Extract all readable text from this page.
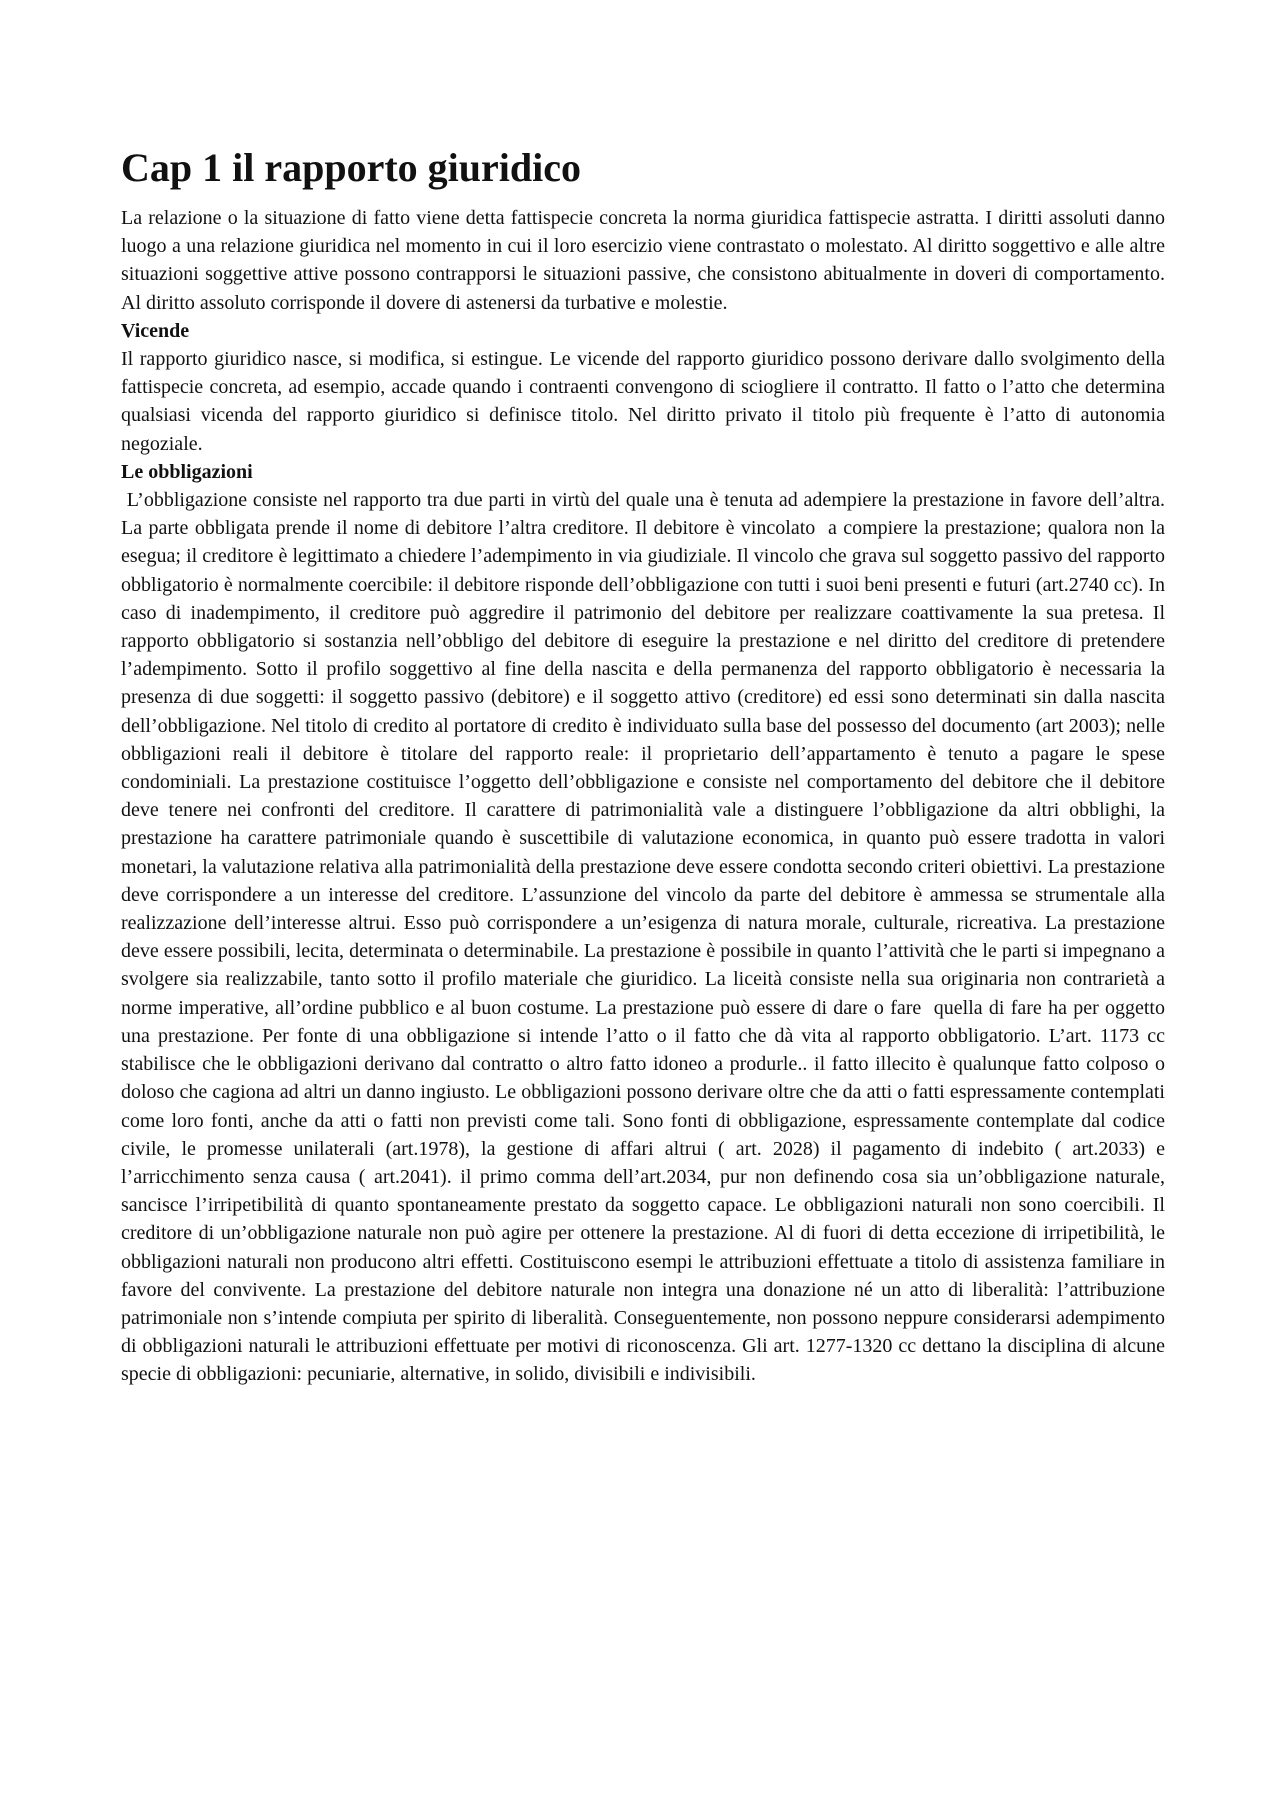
Cap 1 il rapporto giuridico

La relazione o la situazione di fatto viene detta fattispecie concreta la norma giuridica fattispecie astratta. I diritti assoluti danno luogo a una relazione giuridica nel momento in cui il loro esercizio viene contrastato o molestato. Al diritto soggettivo e alle altre situazioni soggettive attive possono contrapporsi le situazioni passive, che consistono abitualmente in doveri di comportamento. Al diritto assoluto corrisponde il dovere di astenersi da turbative e molestie.

Vicende

Il rapporto giuridico nasce, si modifica, si estingue. Le vicende del rapporto giuridico possono derivare dallo svolgimento della fattispecie concreta, ad esempio, accade quando i contraenti convengono di sciogliere il contratto. Il fatto o l’atto che determina qualsiasi vicenda del rapporto giuridico si definisce titolo. Nel diritto privato il titolo più frequente è l’atto di autonomia negoziale.

Le obbligazioni

L’obbligazione consiste nel rapporto tra due parti in virtù del quale una è tenuta ad adempiere la prestazione in favore dell’altra. La parte obbligata prende il nome di debitore l’altra creditore. Il debitore è vincolato  a compiere la prestazione; qualora non la esegua; il creditore è legittimato a chiedere l’adempimento in via giudiziale. Il vincolo che grava sul soggetto passivo del rapporto obbligatorio è normalmente coercibile: il debitore risponde dell’obbligazione con tutti i suoi beni presenti e futuri (art.2740 cc). In caso di inadempimento, il creditore può aggredire il patrimonio del debitore per realizzare coattivamente la sua pretesa. Il rapporto obbligatorio si sostanzia nell’obbligo del debitore di eseguire la prestazione e nel diritto del creditore di pretendere l’adempimento. Sotto il profilo soggettivo al fine della nascita e della permanenza del rapporto obbligatorio è necessaria la presenza di due soggetti: il soggetto passivo (debitore) e il soggetto attivo (creditore) ed essi sono determinati sin dalla nascita dell’obbligazione. Nel titolo di credito al portatore di credito è individuato sulla base del possesso del documento (art 2003); nelle obbligazioni reali il debitore è titolare del rapporto reale: il proprietario dell’appartamento è tenuto a pagare le spese condominiali. La prestazione costituisce l’oggetto dell’obbligazione e consiste nel comportamento del debitore che il debitore deve tenere nei confronti del creditore. Il carattere di patrimonialità vale a distinguere l’obbligazione da altri obblighi, la prestazione ha carattere patrimoniale quando è suscettibile di valutazione economica, in quanto può essere tradotta in valori monetari, la valutazione relativa alla patrimonialità della prestazione deve essere condotta secondo criteri obiettivi. La prestazione deve corrispondere a un interesse del creditore. L’assunzione del vincolo da parte del debitore è ammessa se strumentale alla realizzazione dell’interesse altrui. Esso può corrispondere a un’esigenza di natura morale, culturale, ricreativa. La prestazione deve essere possibili, lecita, determinata o determinabile. La prestazione è possibile in quanto l’attività che le parti si impegnano a svolgere sia realizzabile, tanto sotto il profilo materiale che giuridico. La liceità consiste nella sua originaria non contrarietà a norme imperative, all’ordine pubblico e al buon costume. La prestazione può essere di dare o fare  quella di fare ha per oggetto una prestazione. Per fonte di una obbligazione si intende l’atto o il fatto che dà vita al rapporto obbligatorio. L’art. 1173 cc stabilisce che le obbligazioni derivano dal contratto o altro fatto idoneo a produrle.. il fatto illecito è qualunque fatto colposo o doloso che cagiona ad altri un danno ingiusto. Le obbligazioni possono derivare oltre che da atti o fatti espressamente contemplati come loro fonti, anche da atti o fatti non previsti come tali. Sono fonti di obbligazione, espressamente contemplate dal codice civile, le promesse unilaterali (art.1978), la gestione di affari altrui ( art. 2028) il pagamento di indebito ( art.2033) e l’arricchimento senza causa ( art.2041). il primo comma dell’art.2034, pur non definendo cosa sia un’obbligazione naturale, sancisce l’irripetibilità di quanto spontaneamente prestato da soggetto capace. Le obbligazioni naturali non sono coercibili. Il creditore di un’obbligazione naturale non può agire per ottenere la prestazione. Al di fuori di detta eccezione di irripetibilità, le obbligazioni naturali non producono altri effetti. Costituiscono esempi le attribuzioni effettuate a titolo di assistenza familiare in favore del convivente. La prestazione del debitore naturale non integra una donazione né un atto di liberalità: l’attribuzione patrimoniale non s’intende compiuta per spirito di liberalità. Conseguentemente, non possono neppure considerarsi adempimento di obbligazioni naturali le attribuzioni effettuate per motivi di riconoscenza. Gli art. 1277-1320 cc dettano la disciplina di alcune specie di obbligazioni: pecuniarie, alternative, in solido, divisibili e indivisibili.
